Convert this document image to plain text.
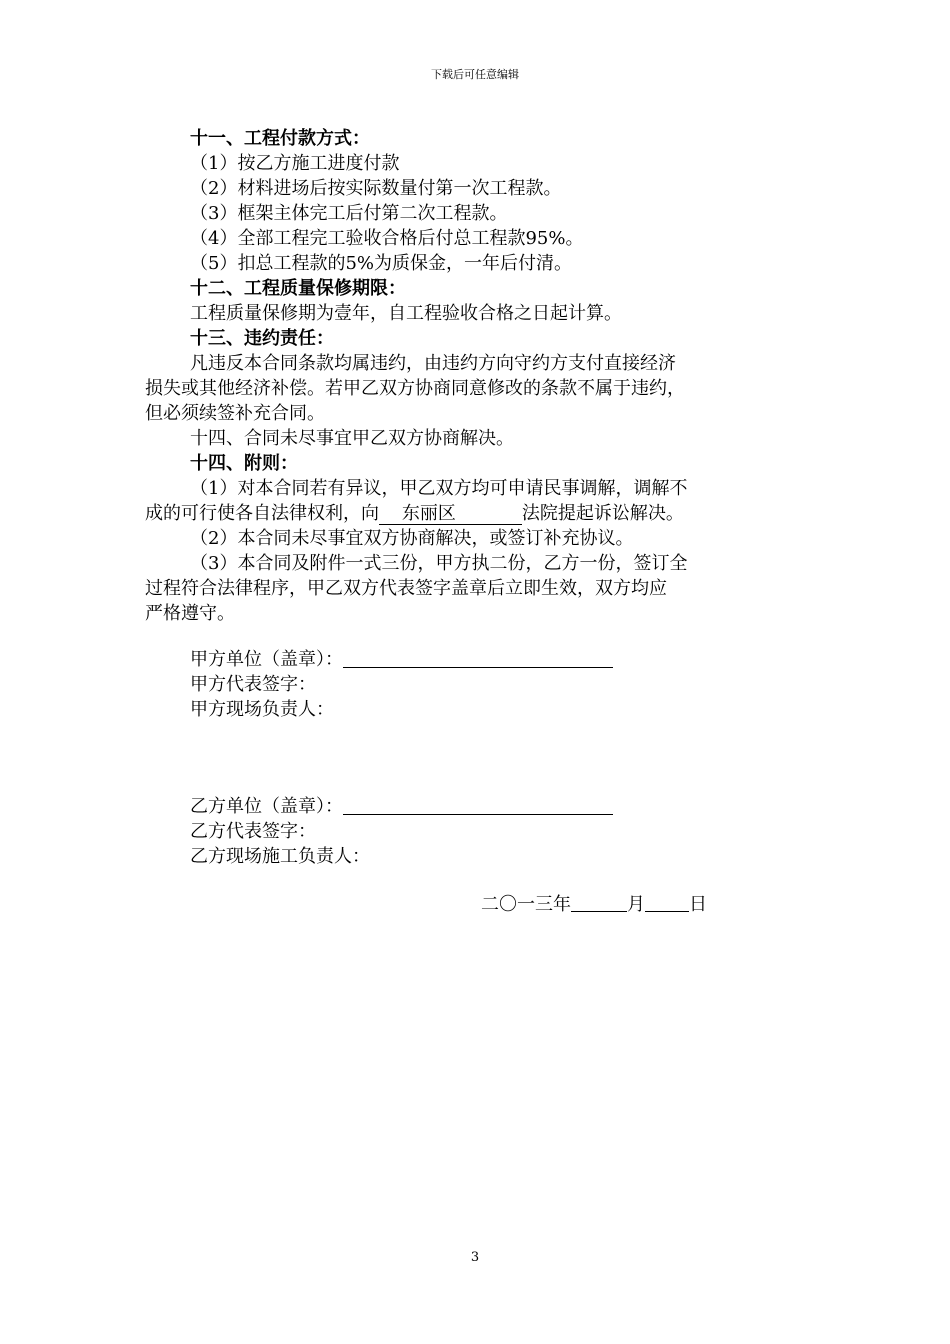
下载后可任意编辑
十一、工程付款方式：
（1）按乙方施工进度付款
（2）材料进场后按实际数量付第一次工程款。
（3）框架主体完工后付第二次工程款。
（4）全部工程完工验收合格后付总工程款95%。
（5）扣总工程款的5%为质保金，一年后付清。
十二、工程质量保修期限：
工程质量保修期为壹年，自工程验收合格之日起计算。
十三、违约责任：
凡违反本合同条款均属违约，由违约方向守约方支付直接经济
损失或其他经济补偿。若甲乙双方协商同意修改的条款不属于违约，
但必须续签补充合同。
十四、合同未尽事宜甲乙双方协商解决。
十四、附则：
（1）对本合同若有异议，甲乙双方均可申请民事调解，调解不
成的可行使各自法律权利，向 东丽区	法院提起诉讼解决。
（2）本合同未尽事宜双方协商解决，或签订补充协议。
（3）本合同及附件一式三份，甲方执二份，乙方一份，签订全
过程符合法律程序，甲乙双方代表签字盖章后立即生效，双方均应
严格遵守。
甲方单位（盖章）：
甲方代表签字：
甲方现场负责人：
乙方单位（盖章）：
乙方代表签字：
乙方现场施工负责人：
二〇一三年	月 日
3
